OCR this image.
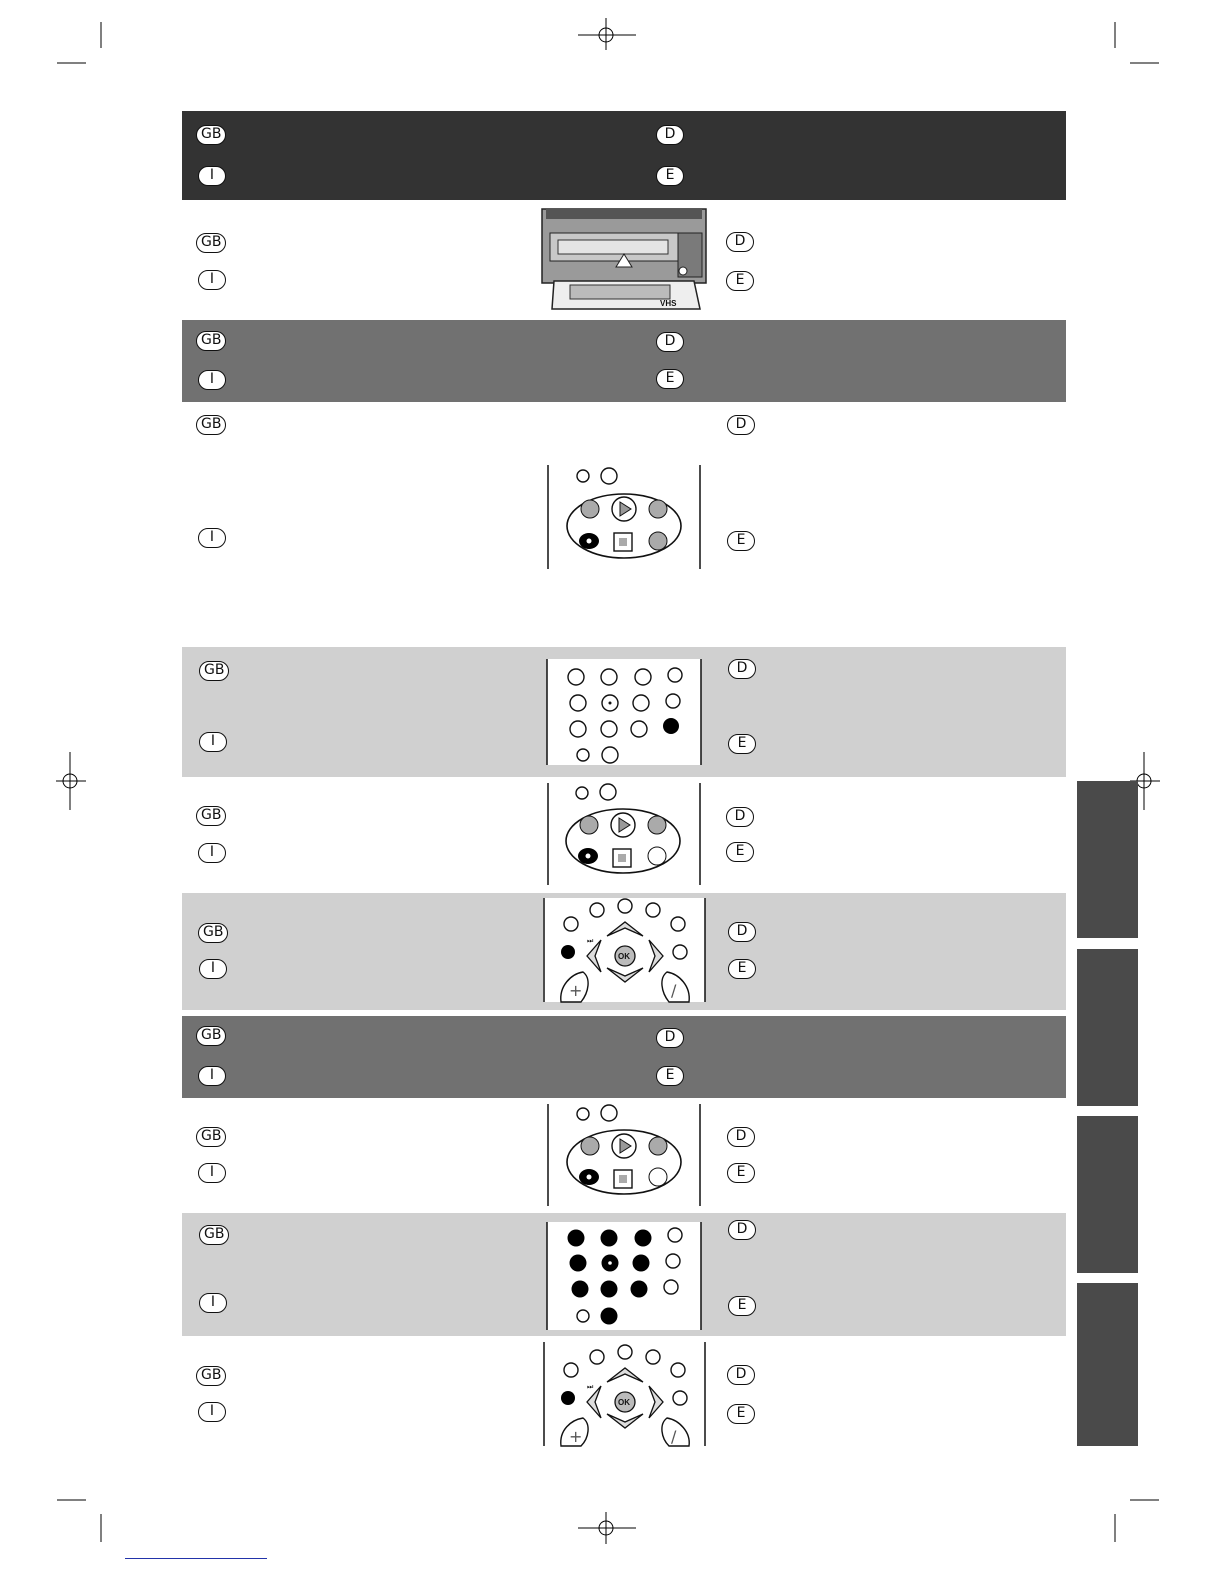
GB	D
I	E
GB
I
D
E
VHS
GB	D
I	E
GB	D
I	E
GB
I
D
E
GB
I
D
E
GB
I
D
E
⏭
OK
+	/
GB	D
I	E
GB
I
D
E
GB
I
D
E
GB
I
D
E
⏭
OK
+	/
